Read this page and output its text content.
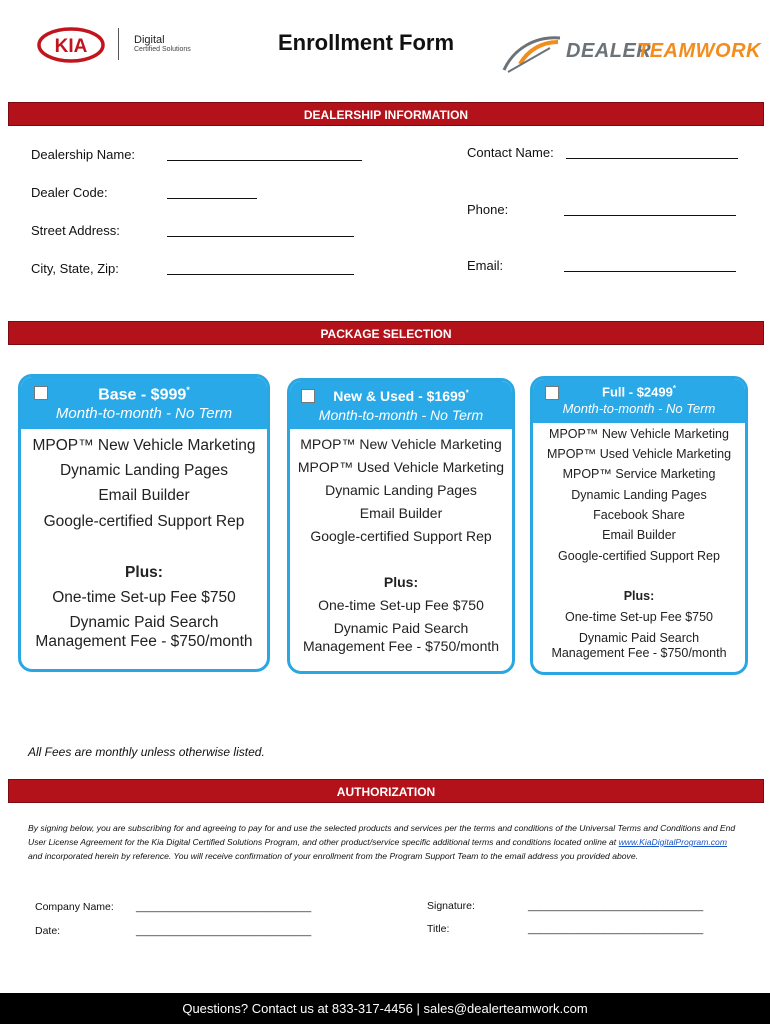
KIA	Digital
Certified Solutions	Enrollment Form	DEALER
TEAMWORK
DEALERSHIP INFORMATION
Dealership Name:
Dealer Code:
Street Address:
City, State, Zip:
Contact Name:
Phone:
Email:
PACKAGE SELECTION
Base - $999*
Month-to-month - No Term
MPOP™ New Vehicle Marketing
Dynamic Landing Pages
Email Builder
Google-certified Support Rep
Plus:
One-time Set-up Fee $750
Dynamic Paid Search
Management Fee - $750/month
New & Used - $1699*
Month-to-month - No Term
MPOP™ New Vehicle Marketing
MPOP™ Used Vehicle Marketing
Dynamic Landing Pages
Email Builder
Google-certified Support Rep
Plus:
One-time Set-up Fee $750
Dynamic Paid Search
Management Fee - $750/month
Full - $2499*
Month-to-month - No Term
MPOP™ New Vehicle Marketing
MPOP™ Used Vehicle Marketing
MPOP™ Service Marketing
Dynamic Landing Pages
Facebook Share
Email Builder
Google-certified Support Rep
Plus:
One-time Set-up Fee $750
Dynamic Paid Search
Management Fee - $750/month
All Fees are monthly unless otherwise listed.
AUTHORIZATION
By signing below, you are subscribing for and agreeing to pay for and use the selected products and services per the terms and conditions of the Universal Terms and Conditions and End User License Agreement for the Kia Digital Certified Solutions Program, and other product/service specific additional terms and conditions located online at www.KiaDigitalProgram.com and incorporated herein by reference. You will receive confirmation of your enrollment from the Program Support Team to the email address you provided above.
Company Name: ______________________________
Date:	______________________________
Signature:	______________________________
Title:	______________________________
Questions? Contact us at 833-317-4456 | sales@dealerteamwork.com
